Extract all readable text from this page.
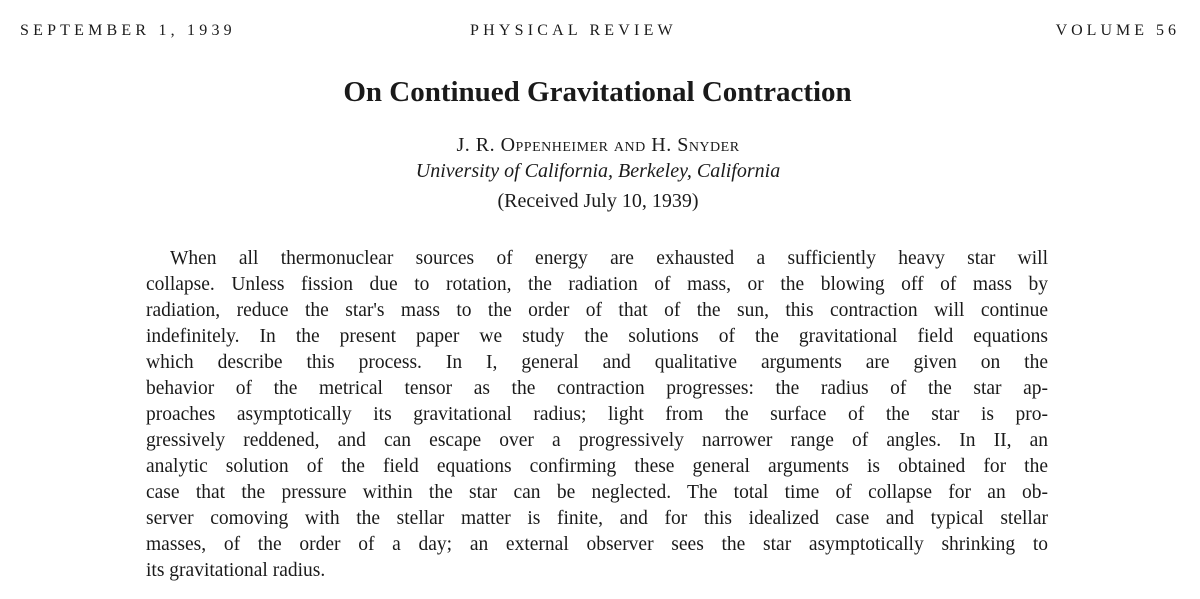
SEPTEMBER 1, 1939	PHYSICAL REVIEW	VOLUME 56
On Continued Gravitational Contraction
J. R. Oppenheimer and H. Snyder
University of California, Berkeley, California
(Received July 10, 1939)
When all thermonuclear sources of energy are exhausted a sufficiently heavy star will
collapse. Unless fission due to rotation, the radiation of mass, or the blowing off of mass by
radiation, reduce the star's mass to the order of that of the sun, this contraction will continue
indefinitely. In the present paper we study the solutions of the gravitational field equations
which describe this process. In I, general and qualitative arguments are given on the
behavior of the metrical tensor as the contraction progresses: the radius of the star ap-
proaches asymptotically its gravitational radius; light from the surface of the star is pro-
gressively reddened, and can escape over a progressively narrower range of angles. In II, an
analytic solution of the field equations confirming these general arguments is obtained for the
case that the pressure within the star can be neglected. The total time of collapse for an ob-
server comoving with the stellar matter is finite, and for this idealized case and typical stellar
masses, of the order of a day; an external observer sees the star asymptotically shrinking to
its gravitational radius.
